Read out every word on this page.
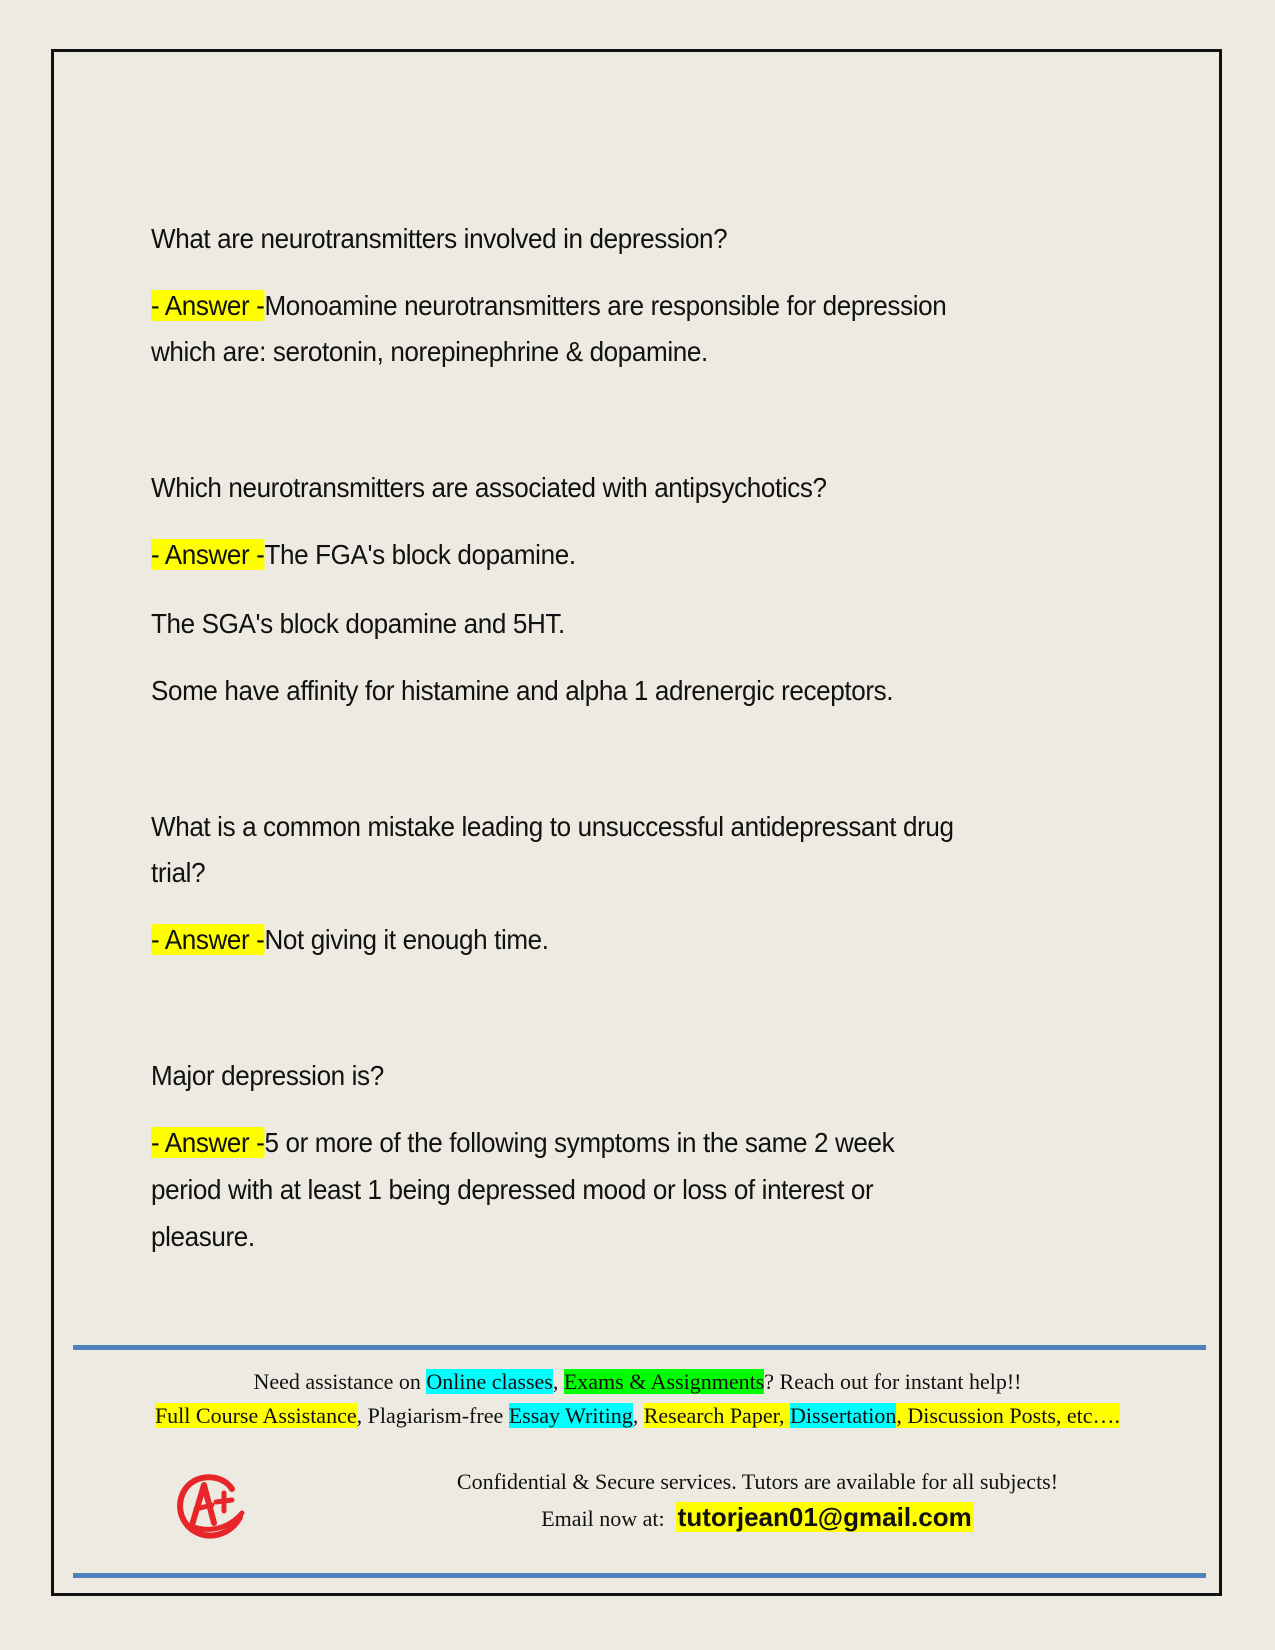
What are neurotransmitters involved in depression?
- Answer -Monoamine neurotransmitters are responsible for depression
which are: serotonin, norepinephrine & dopamine.
Which neurotransmitters are associated with antipsychotics?
- Answer -The FGA's block dopamine.
The SGA's block dopamine and 5HT.
Some have affinity for histamine and alpha 1 adrenergic receptors.
What is a common mistake leading to unsuccessful antidepressant drug
trial?
- Answer -Not giving it enough time.
Major depression is?
- Answer -5 or more of the following symptoms in the same 2 week
period with at least 1 being depressed mood or loss of interest or
pleasure.
Need assistance on Online classes, Exams & Assignments? Reach out for instant help!!
Full Course Assistance, Plagiarism-free Essay Writing, Research Paper, Dissertation, Discussion Posts, etc….
Confidential & Secure services. Tutors are available for all subjects!
Email now at:  tutorjean01@gmail.com
